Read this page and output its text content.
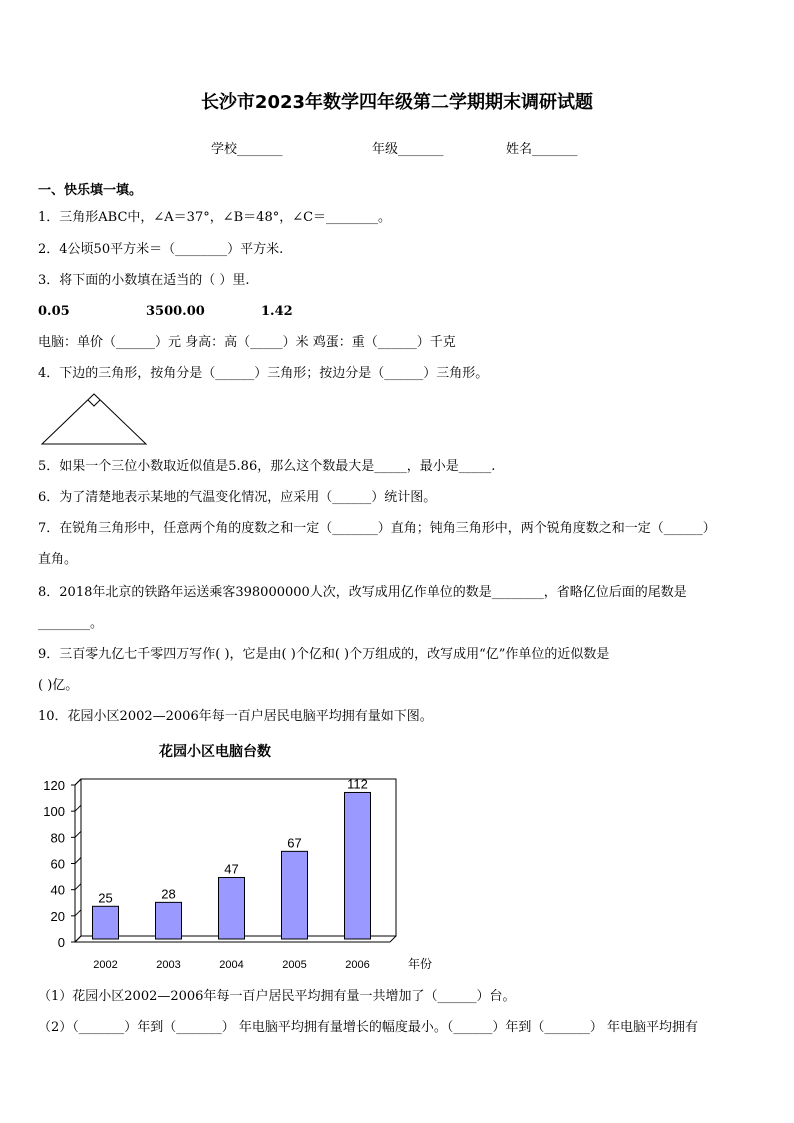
长沙市2023年数学四年级第二学期期末调研试题
学校_______	年级_______	姓名_______
一、快乐填一填。
1．三角形ABC中，∠A＝37°，∠B＝48°，∠C＝________。
2．4公顷50平方米＝（________）平方米.
3．将下面的小数填在适当的（ ）里.
0.05	3500.00	1.42
电脑：单价（______）元 身高：高（_____）米 鸡蛋：重（______）千克
4．下边的三角形，按角分是（______）三角形；按边分是（______）三角形。
5．如果一个三位小数取近似值是5.86，那么这个数最大是_____，最小是_____.
6．为了清楚地表示某地的气温变化情况，应采用（______）统计图。
7．在锐角三角形中，任意两个角的度数之和一定（_______）直角；钝角三角形中，两个锐角度数之和一定（______）
直角。
8．2018年北京的铁路年运送乘客398000000人次，改写成用亿作单位的数是________，省略亿位后面的尾数是
________。
9．三百零九亿七千零四万写作( )，它是由( )个亿和( )个万组成的，改写成用“亿”作单位的近似数是
( )亿。
10．花园小区2002—2006年每一百户居民电脑平均拥有量如下图。
花园小区电脑台数
25	28
47
67
112
2002	2003	2004	2005	2006
0
20
40
60
80
100
120
年份
（1）花园小区2002—2006年每一百户居民平均拥有量一共增加了（______）台。
（2）（_______）年到（_______） 年电脑平均拥有量增长的幅度最小。（______）年到（_______） 年电脑平均拥有
